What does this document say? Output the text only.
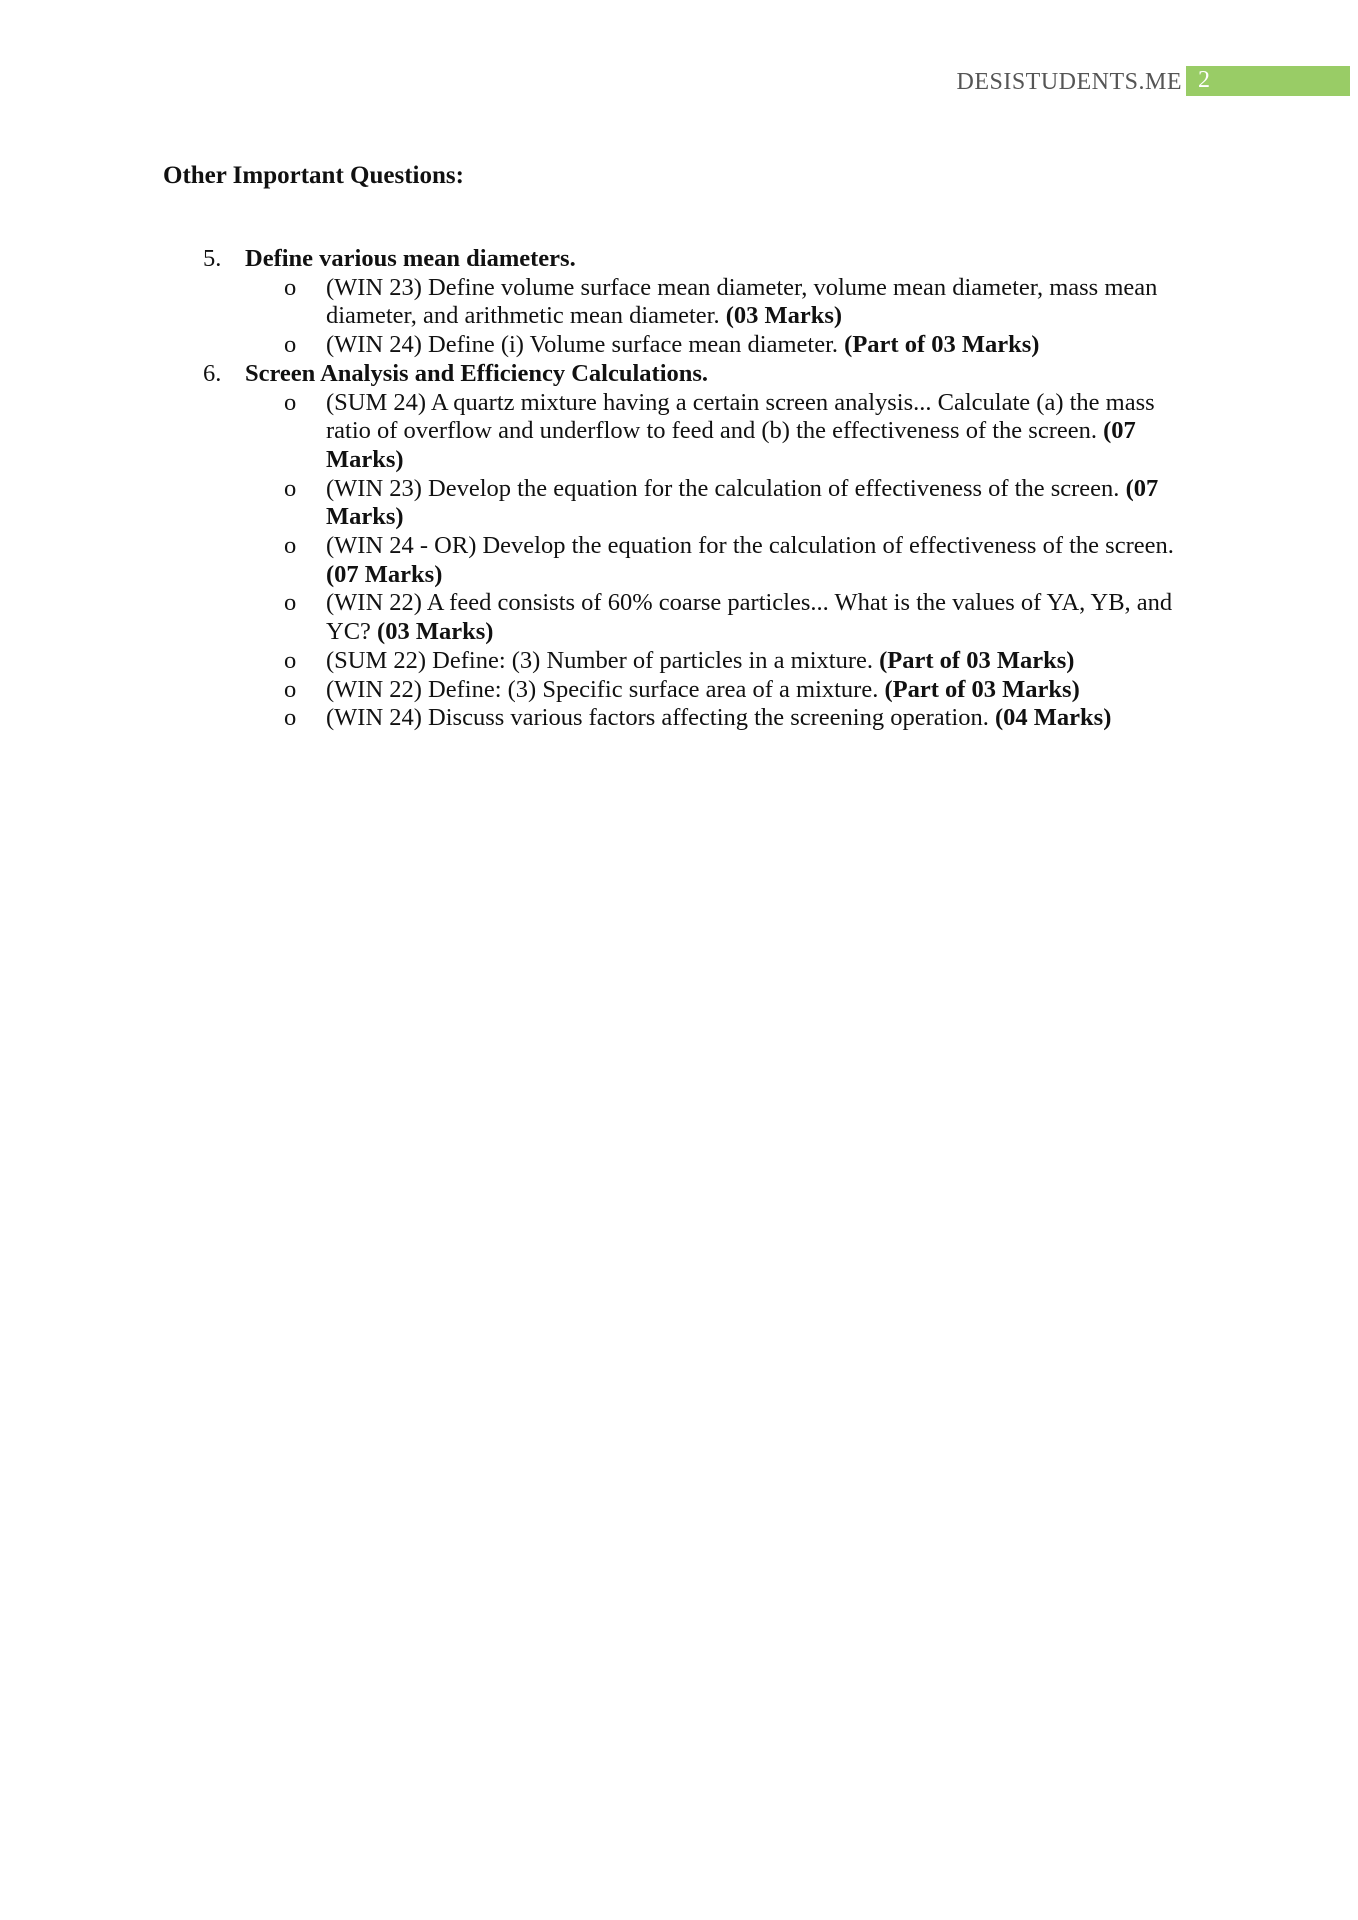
DESISTUDENTS.ME 2
Other Important Questions:
5. Define various mean diameters.
o (WIN 23) Define volume surface mean diameter, volume mean diameter, mass mean diameter, and arithmetic mean diameter. (03 Marks)
o (WIN 24) Define (i) Volume surface mean diameter. (Part of 03 Marks)
6. Screen Analysis and Efficiency Calculations.
o (SUM 24) A quartz mixture having a certain screen analysis... Calculate (a) the mass ratio of overflow and underflow to feed and (b) the effectiveness of the screen. (07 Marks)
o (WIN 23) Develop the equation for the calculation of effectiveness of the screen. (07 Marks)
o (WIN 24 - OR) Develop the equation for the calculation of effectiveness of the screen. (07 Marks)
o (WIN 22) A feed consists of 60% coarse particles... What is the values of YA, YB, and YC? (03 Marks)
o (SUM 22) Define: (3) Number of particles in a mixture. (Part of 03 Marks)
o (WIN 22) Define: (3) Specific surface area of a mixture. (Part of 03 Marks)
o (WIN 24) Discuss various factors affecting the screening operation. (04 Marks)
